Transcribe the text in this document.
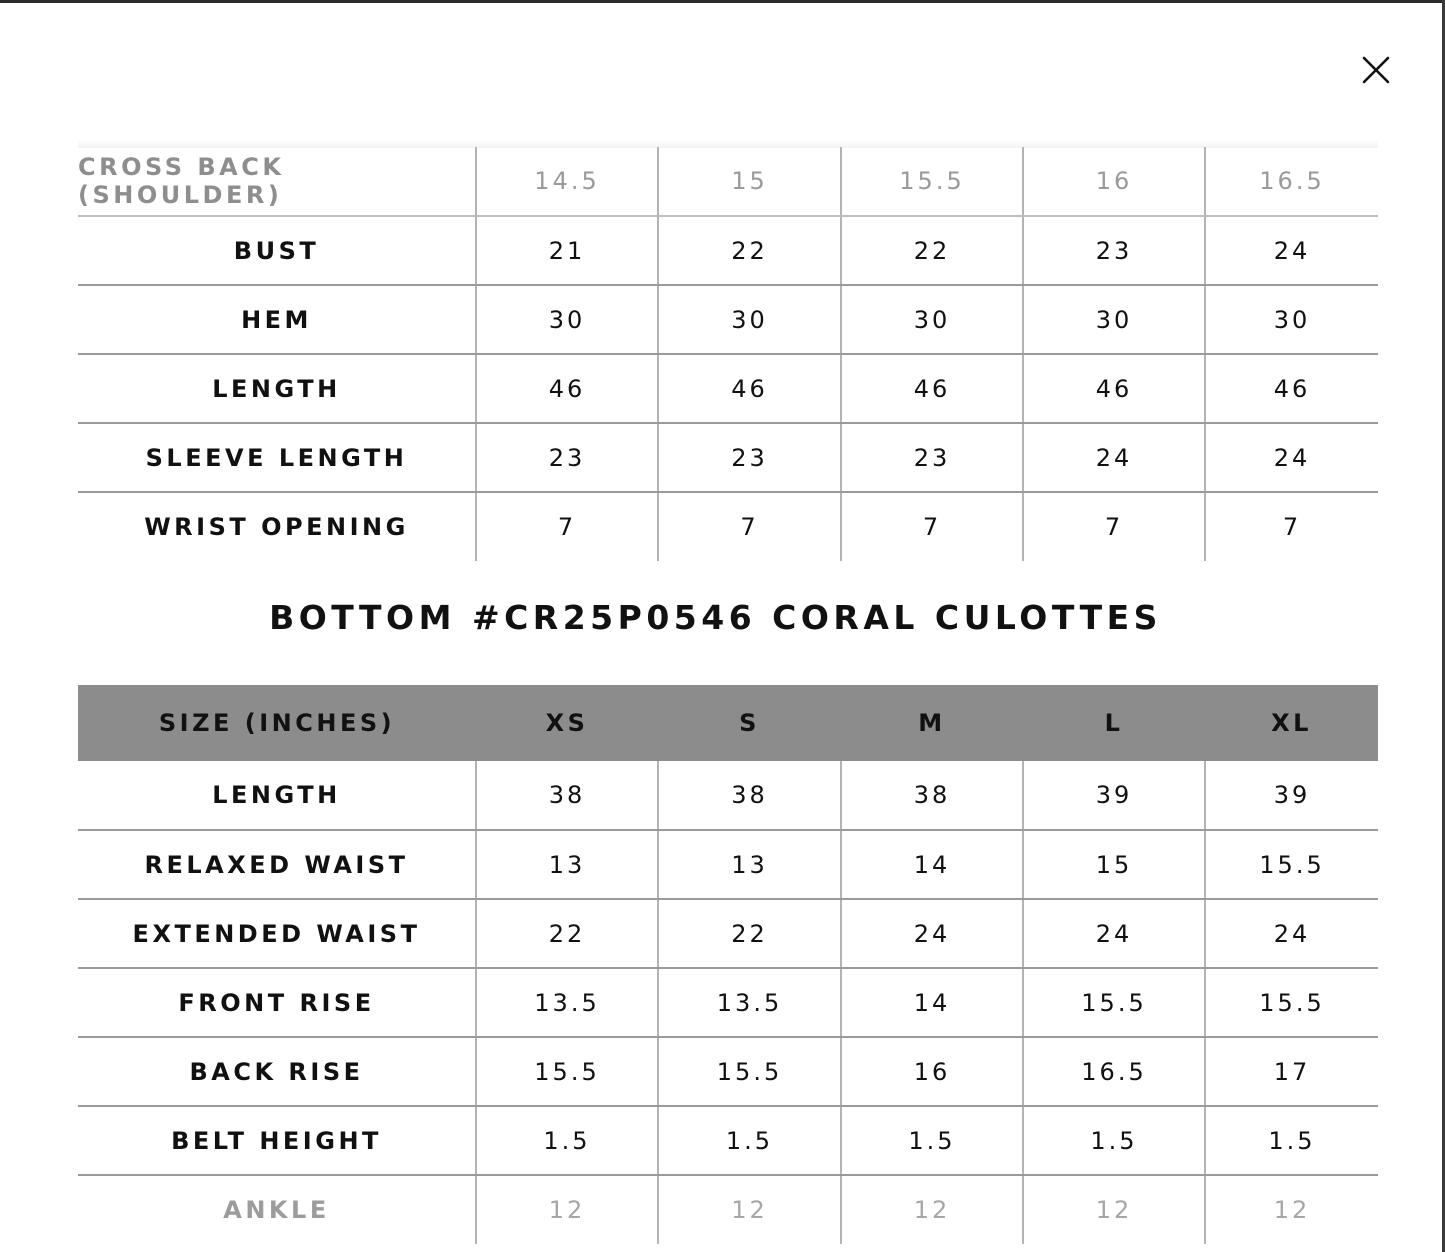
CROSS BACK (SHOULDER)	14.5	15	15.5	16	16.5
BUST	21	22	22	23	24
HEM	30	30	30	30	30
LENGTH	46	46	46	46	46
SLEEVE LENGTH	23	23	23	24	24
WRIST OPENING	7	7	7	7	7
BOTTOM #CR25P0546 CORAL CULOTTES
SIZE (INCHES)	XS	S	M	L	XL
LENGTH	38	38	38	39	39
RELAXED WAIST	13	13	14	15	15.5
EXTENDED WAIST	22	22	24	24	24
FRONT RISE	13.5	13.5	14	15.5	15.5
BACK RISE	15.5	15.5	16	16.5	17
BELT HEIGHT	1.5	1.5	1.5	1.5	1.5
ANKLE	12	12	12	12	12
